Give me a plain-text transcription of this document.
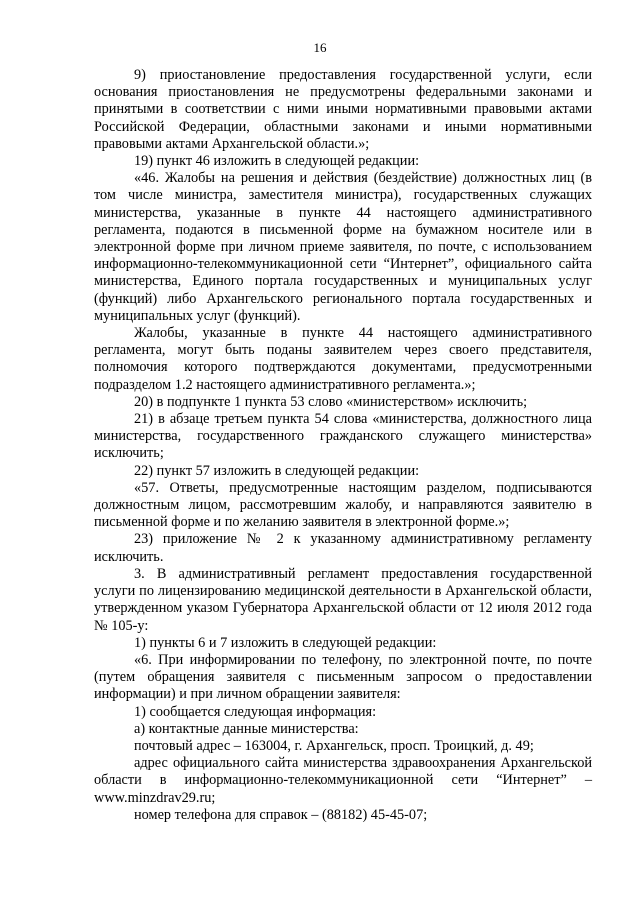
16

9) приостановление предоставления государственной услуги, если основания приостановления не предусмотрены федеральными законами и принятыми в соответствии с ними иными нормативными правовыми актами Российской Федерации, областными законами и иными нормативными правовыми актами Архангельской области.»;

19) пункт 46 изложить в следующей редакции:

«46. Жалобы на решения и действия (бездействие) должностных лиц (в том числе министра, заместителя министра), государственных служащих министерства, указанные в пункте 44 настоящего административного регламента, подаются в письменной форме на бумажном носителе или в электронной форме при личном приеме заявителя, по почте, с использованием информационно-телекоммуникационной сети “Интернет”, официального сайта министерства, Единого портала государственных и муниципальных услуг (функций) либо Архангельского регионального портала государственных и муниципальных услуг (функций).

Жалобы, указанные в пункте 44 настоящего административного регламента, могут быть поданы заявителем через своего представителя, полномочия которого подтверждаются документами, предусмотренными подразделом 1.2 настоящего административного регламента.»;

20) в подпункте 1 пункта 53 слово «министерством» исключить;

21) в абзаце третьем пункта 54 слова «министерства, должностного лица министерства, государственного гражданского служащего министерства» исключить;

22) пункт 57 изложить в следующей редакции:

«57. Ответы, предусмотренные настоящим разделом, подписываются должностным лицом, рассмотревшим жалобу, и направляются заявителю в письменной форме и по желанию заявителя в электронной форме.»;

23) приложение № 2 к указанному административному регламенту исключить.

3. В административный регламент предоставления государственной услуги по лицензированию медицинской деятельности в Архангельской области, утвержденном указом Губернатора Архангельской области от 12 июля 2012 года № 105-у:

1) пункты 6 и 7 изложить в следующей редакции:

«6. При информировании по телефону, по электронной почте, по почте (путем обращения заявителя с письменным запросом о предоставлении информации) и при личном обращении заявителя:

1) сообщается следующая информация:

а) контактные данные министерства:

почтовый адрес – 163004, г. Архангельск, просп. Троицкий, д. 49;

адрес официального сайта министерства здравоохранения Архангельской области в информационно-телекоммуникационной сети “Интернет” – www.minzdrav29.ru;

номер телефона для справок – (88182) 45-45-07;
